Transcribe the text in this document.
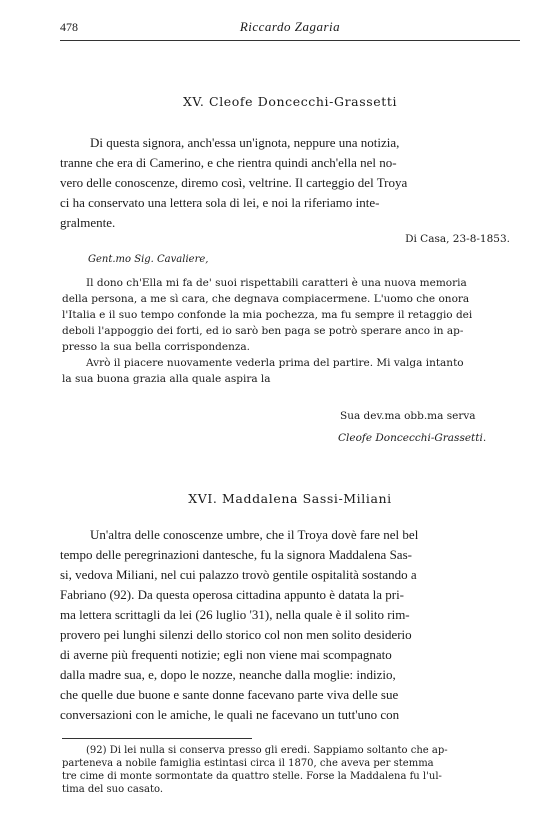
478	Riccardo Zagaria
XV. Cleofe Doncecchi-Grassetti
Di questa signora, anch'essa un'ignota, neppure una notizia,
tranne che era di Camerino, e che rientra quindi anch'ella nel no-
vero delle conoscenze, diremo così, veltrine. Il carteggio del Troya
ci ha conservato una lettera sola di lei, e noi la riferiamo inte-
gralmente.
Di Casa, 23-8-1853.
Gent.mo Sig. Cavaliere,
Il dono ch'Ella mi fa de' suoi rispettabili caratteri è una nuova memoria
della persona, a me sì cara, che degnava compiacermene. L'uomo che onora
l'Italia e il suo tempo confonde la mia pochezza, ma fu sempre il retaggio dei
deboli l'appoggio dei forti, ed io sarò ben paga se potrò sperare anco in ap-
presso la sua bella corrispondenza.
Avrò il piacere nuovamente vederla prima del partire. Mi valga intanto
la sua buona grazia alla quale aspira la
Sua dev.ma obb.ma serva
Cleofe Doncecchi-Grassetti.
XVI. Maddalena Sassi-Miliani
Un'altra delle conoscenze umbre, che il Troya dovè fare nel bel
tempo delle peregrinazioni dantesche, fu la signora Maddalena Sas-
si, vedova Miliani, nel cui palazzo trovò gentile ospitalità sostando a
Fabriano (92). Da questa operosa cittadina appunto è datata la pri-
ma lettera scrittagli da lei (26 luglio '31), nella quale è il solito rim-
provero pei lunghi silenzi dello storico col non men solito desiderio
di averne più frequenti notizie; egli non viene mai scompagnato
dalla madre sua, e, dopo le nozze, neanche dalla moglie: indizio,
che quelle due buone e sante donne facevano parte viva delle sue
conversazioni con le amiche, le quali ne facevano un tutt'uno con
(92) Di lei nulla si conserva presso gli eredi. Sappiamo soltanto che ap-
parteneva a nobile famiglia estintasi circa il 1870, che aveva per stemma
tre cime di monte sormontate da quattro stelle. Forse la Maddalena fu l'ul-
tima del suo casato.
